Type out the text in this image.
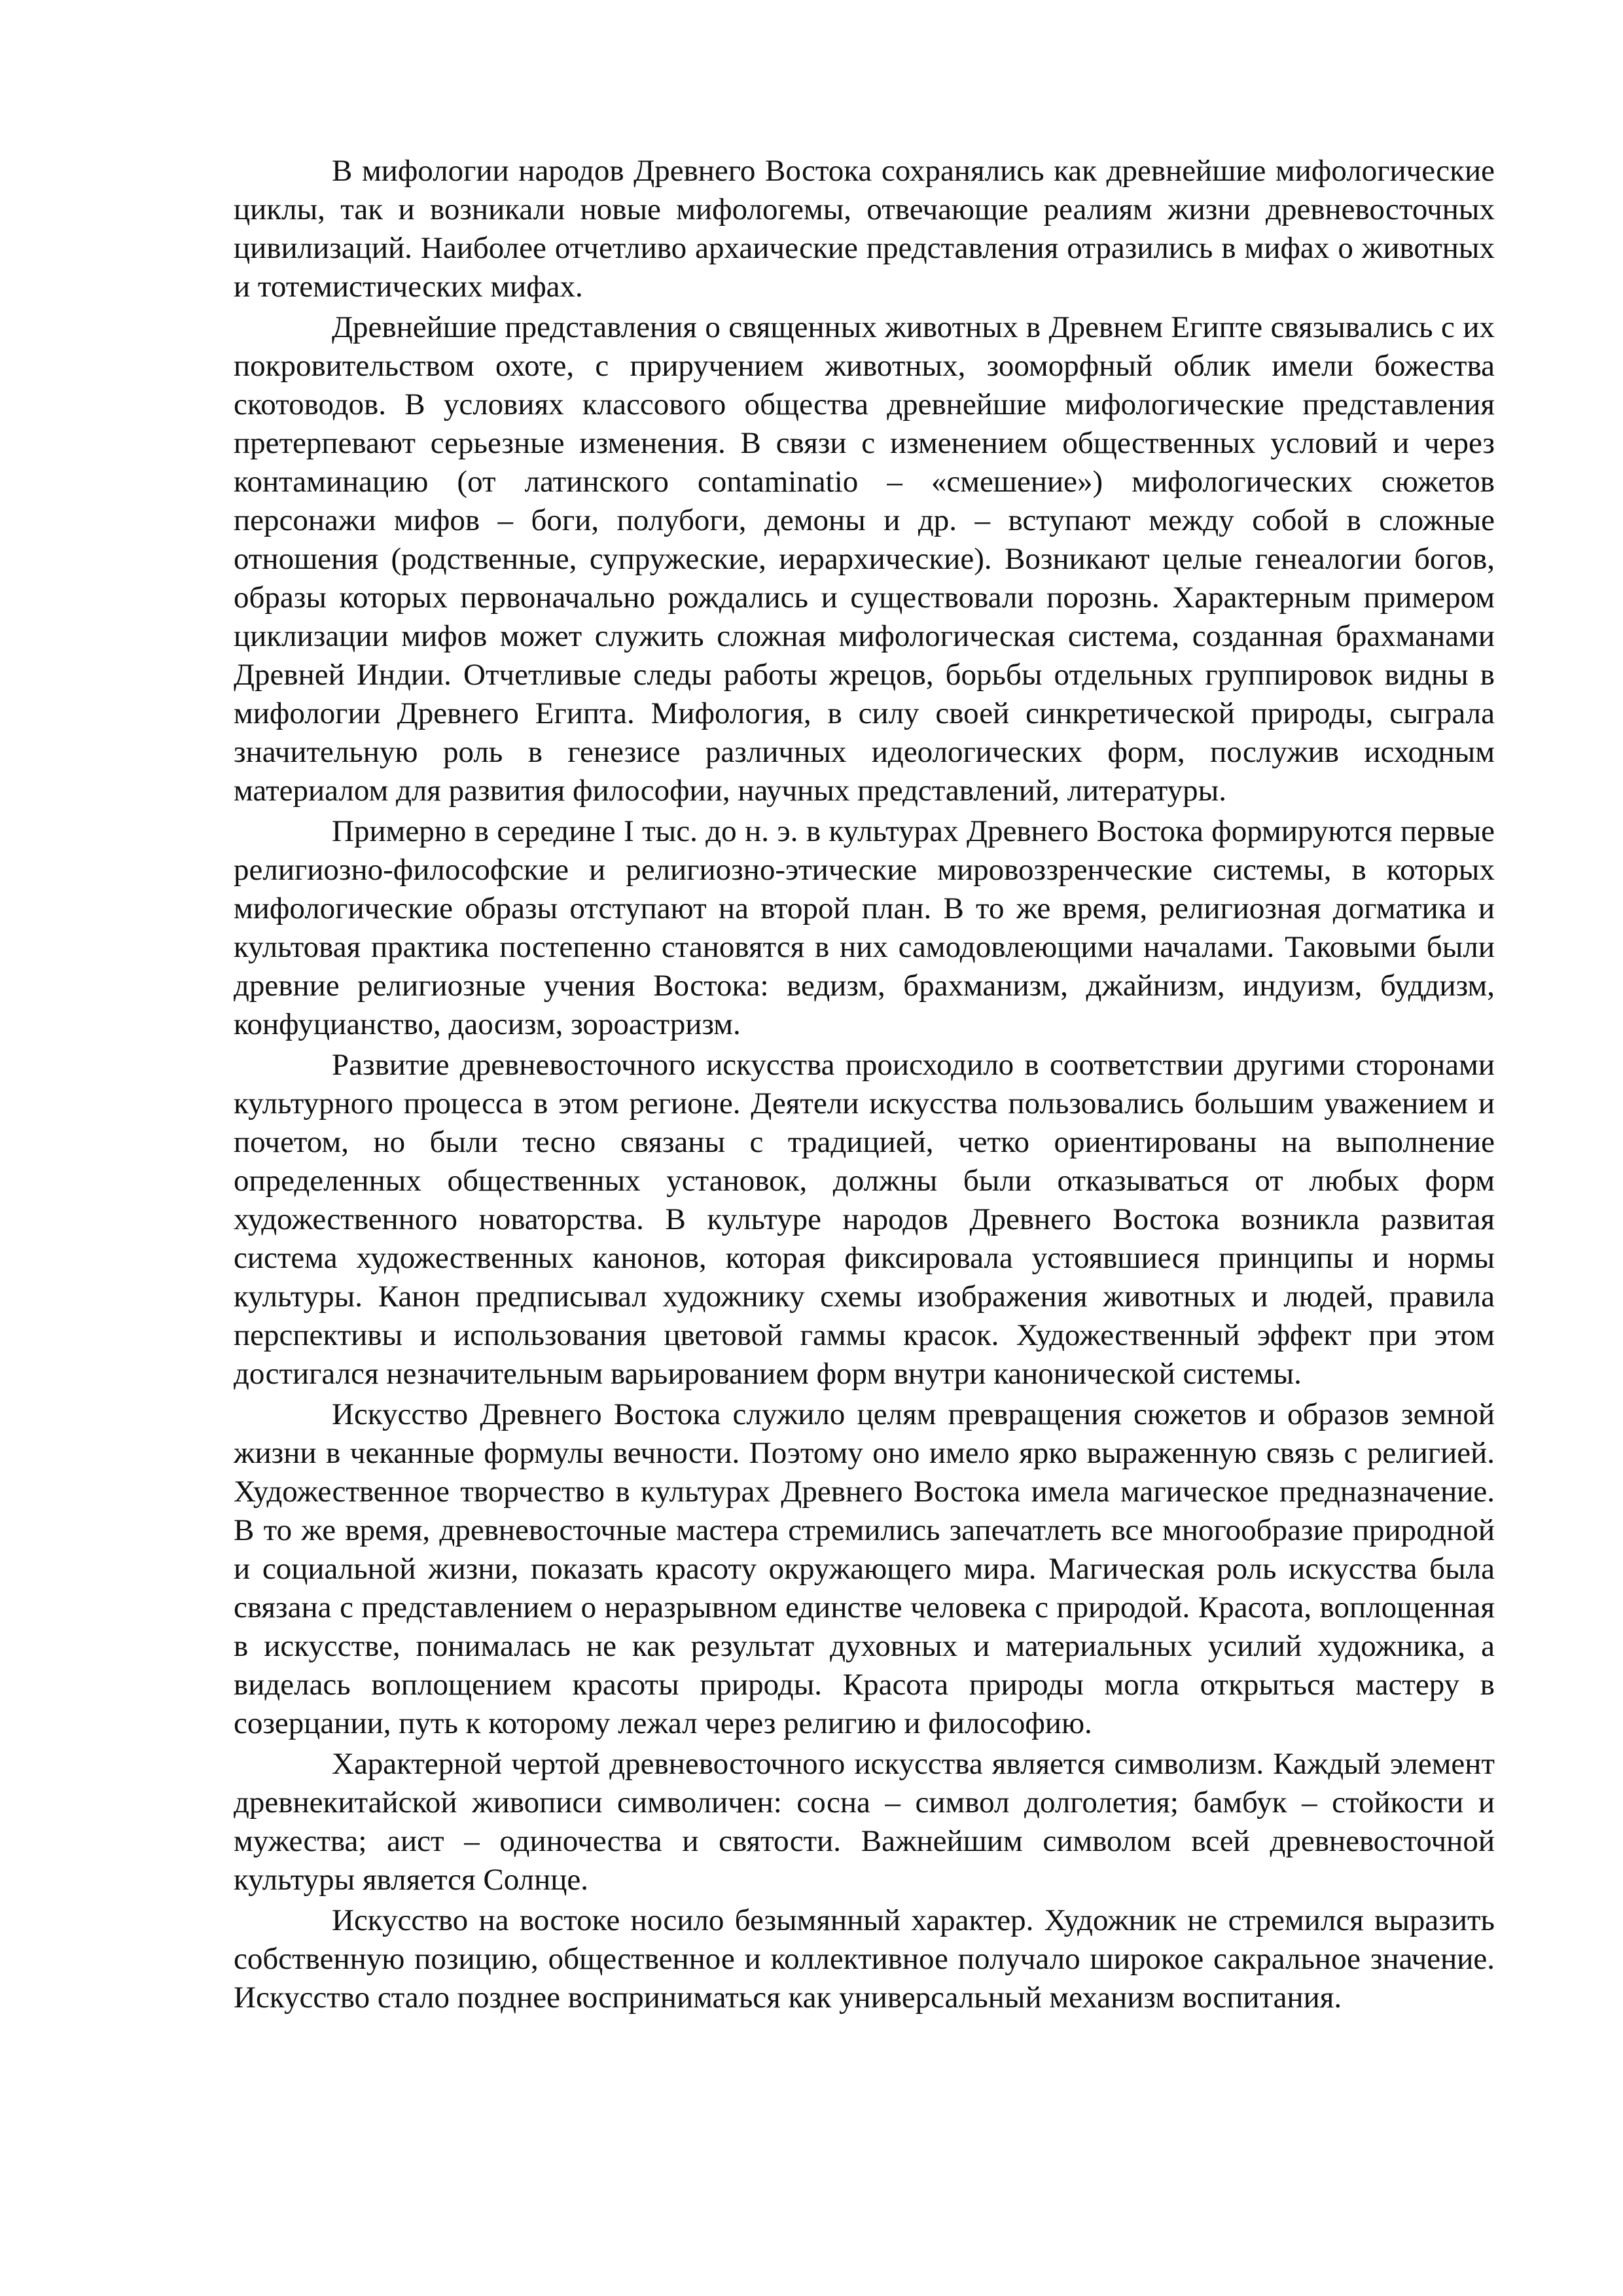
В мифологии народов Древнего Востока сохранялись как древнейшие мифологические циклы, так и возникали новые мифологемы, отвечающие реалиям жизни древневосточных цивилизаций. Наиболее отчетливо архаические представления отразились в мифах о животных и тотемистических мифах.

Древнейшие представления о священных животных в Древнем Египте связывались с их покровительством охоте, с приручением животных, зооморфный облик имели божества скотоводов. В условиях классового общества древнейшие мифологические представления претерпевают серьезные изменения. В связи с изменением общественных условий и через контаминацию (от латинского contaminatio – «смешение») мифологических сюжетов персонажи мифов – боги, полубоги, демоны и др. – вступают между собой в сложные отношения (родственные, супружеские, иерархические). Возникают целые генеалогии богов, образы которых первоначально рождались и существовали порознь. Характерным примером циклизации мифов может служить сложная мифологическая система, созданная брахманами Древней Индии. Отчетливые следы работы жрецов, борьбы отдельных группировок видны в мифологии Древнего Египта. Мифология, в силу своей синкретической природы, сыграла значительную роль в генезисе различных идеологических форм, послужив исходным материалом для развития философии, научных представлений, литературы.

Примерно в середине I тыс. до н. э. в культурах Древнего Востока формируются первые религиозно-философские и религиозно-этические мировоззренческие системы, в которых мифологические образы отступают на второй план. В то же время, религиозная догматика и культовая практика постепенно становятся в них самодовлеющими началами. Таковыми были древние религиозные учения Востока: ведизм, брахманизм, джайнизм, индуизм, буддизм, конфуцианство, даосизм, зороастризм.

Развитие древневосточного искусства происходило в соответствии другими сторонами культурного процесса в этом регионе. Деятели искусства пользовались большим уважением и почетом, но были тесно связаны с традицией, четко ориентированы на выполнение определенных общественных установок, должны были отказываться от любых форм художественного новаторства. В культуре народов Древнего Востока возникла развитая система художественных канонов, которая фиксировала устоявшиеся принципы и нормы культуры. Канон предписывал художнику схемы изображения животных и людей, правила перспективы и использования цветовой гаммы красок. Художественный эффект при этом достигался незначительным варьированием форм внутри канонической системы.

Искусство Древнего Востока служило целям превращения сюжетов и образов земной жизни в чеканные формулы вечности. Поэтому оно имело ярко выраженную связь с религией. Художественное творчество в культурах Древнего Востока имела магическое предназначение. В то же время, древневосточные мастера стремились запечатлеть все многообразие природной и социальной жизни, показать красоту окружающего мира. Магическая роль искусства была связана с представлением о неразрывном единстве человека с природой. Красота, воплощенная в искусстве, понималась не как результат духовных и материальных усилий художника, а виделась воплощением красоты природы. Красота природы могла открыться мастеру в созерцании, путь к которому лежал через религию и философию.

Характерной чертой древневосточного искусства является символизм. Каждый элемент древнекитайской живописи символичен: сосна – символ долголетия; бамбук – стойкости и мужества; аист – одиночества и святости. Важнейшим символом всей древневосточной культуры является Солнце.

Искусство на востоке носило безымянный характер. Художник не стремился выразить собственную позицию, общественное и коллективное получало широкое сакральное значение. Искусство стало позднее восприниматься как универсальный механизм воспитания.
